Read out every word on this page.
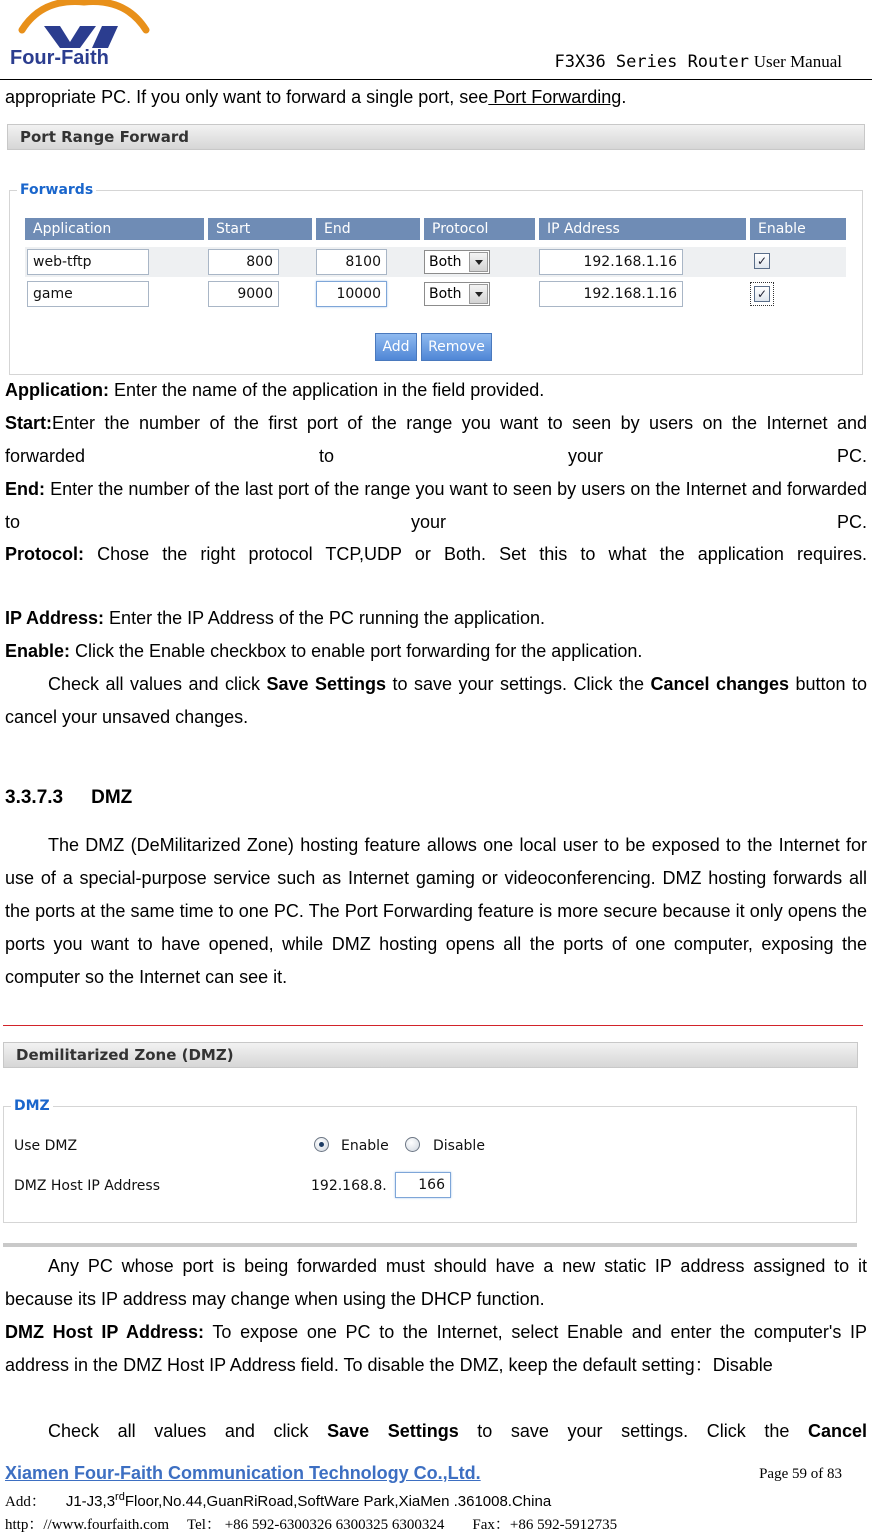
Four-Faith	F3X36 Series Router User Manual
appropriate PC. If you only want to forward a single port, see Port Forwarding.
Port Range Forward
Forwards
Application	Start	End	Protocol	IP Address	Enable
web-tftp	800	8100	Both	192.168.1.16	✓
game	9000	10000	Both	192.168.1.16	✓
Add	Remove
Application: Enter the name of the application in the field provided.
Start:Enter the number of the first port of the range you want to seen by users on the Internet and forwarded to your PC.
End: Enter the number of the last port of the range you want to seen by users on the Internet and forwarded to your PC.
Protocol: Chose the right protocol TCP,UDP or Both. Set this to what the application requires.
IP Address: Enter the IP Address of the PC running the application.
Enable: Click the Enable checkbox to enable port forwarding for the application.
Check all values and click Save Settings to save your settings. Click the Cancel changes button to cancel your unsaved changes.
3.3.7.3 DMZ
The DMZ (DeMilitarized Zone) hosting feature allows one local user to be exposed to the Internet for use of a special-purpose service such as Internet gaming or videoconferencing. DMZ hosting forwards all the ports at the same time to one PC. The Port Forwarding feature is more secure because it only opens the ports you want to have opened, while DMZ hosting opens all the ports of one computer, exposing the computer so the Internet can see it.
Demilitarized Zone (DMZ)
DMZ
Use DMZ	Enable	Disable
DMZ Host IP Address	192.168.8.	166
Any PC whose port is being forwarded must should have a new static IP address assigned to it because its IP address may change when using the DHCP function.
DMZ Host IP Address: To expose one PC to the Internet, select Enable and enter the computer's IP address in the DMZ Host IP Address field. To disable the DMZ, keep the default setting：Disable
Check all values and click Save Settings to save your settings. Click the Cancel
Xiamen Four-Faith Communication Technology Co.,Ltd.	Page 59 of 83
Add： J1-J3,3rdFloor,No.44,GuanRiRoad,SoftWare Park,XiaMen .361008.China
http：//www.fourfaith.com Tel： +86 592-6300326 6300325 6300324 Fax：+86 592-5912735
